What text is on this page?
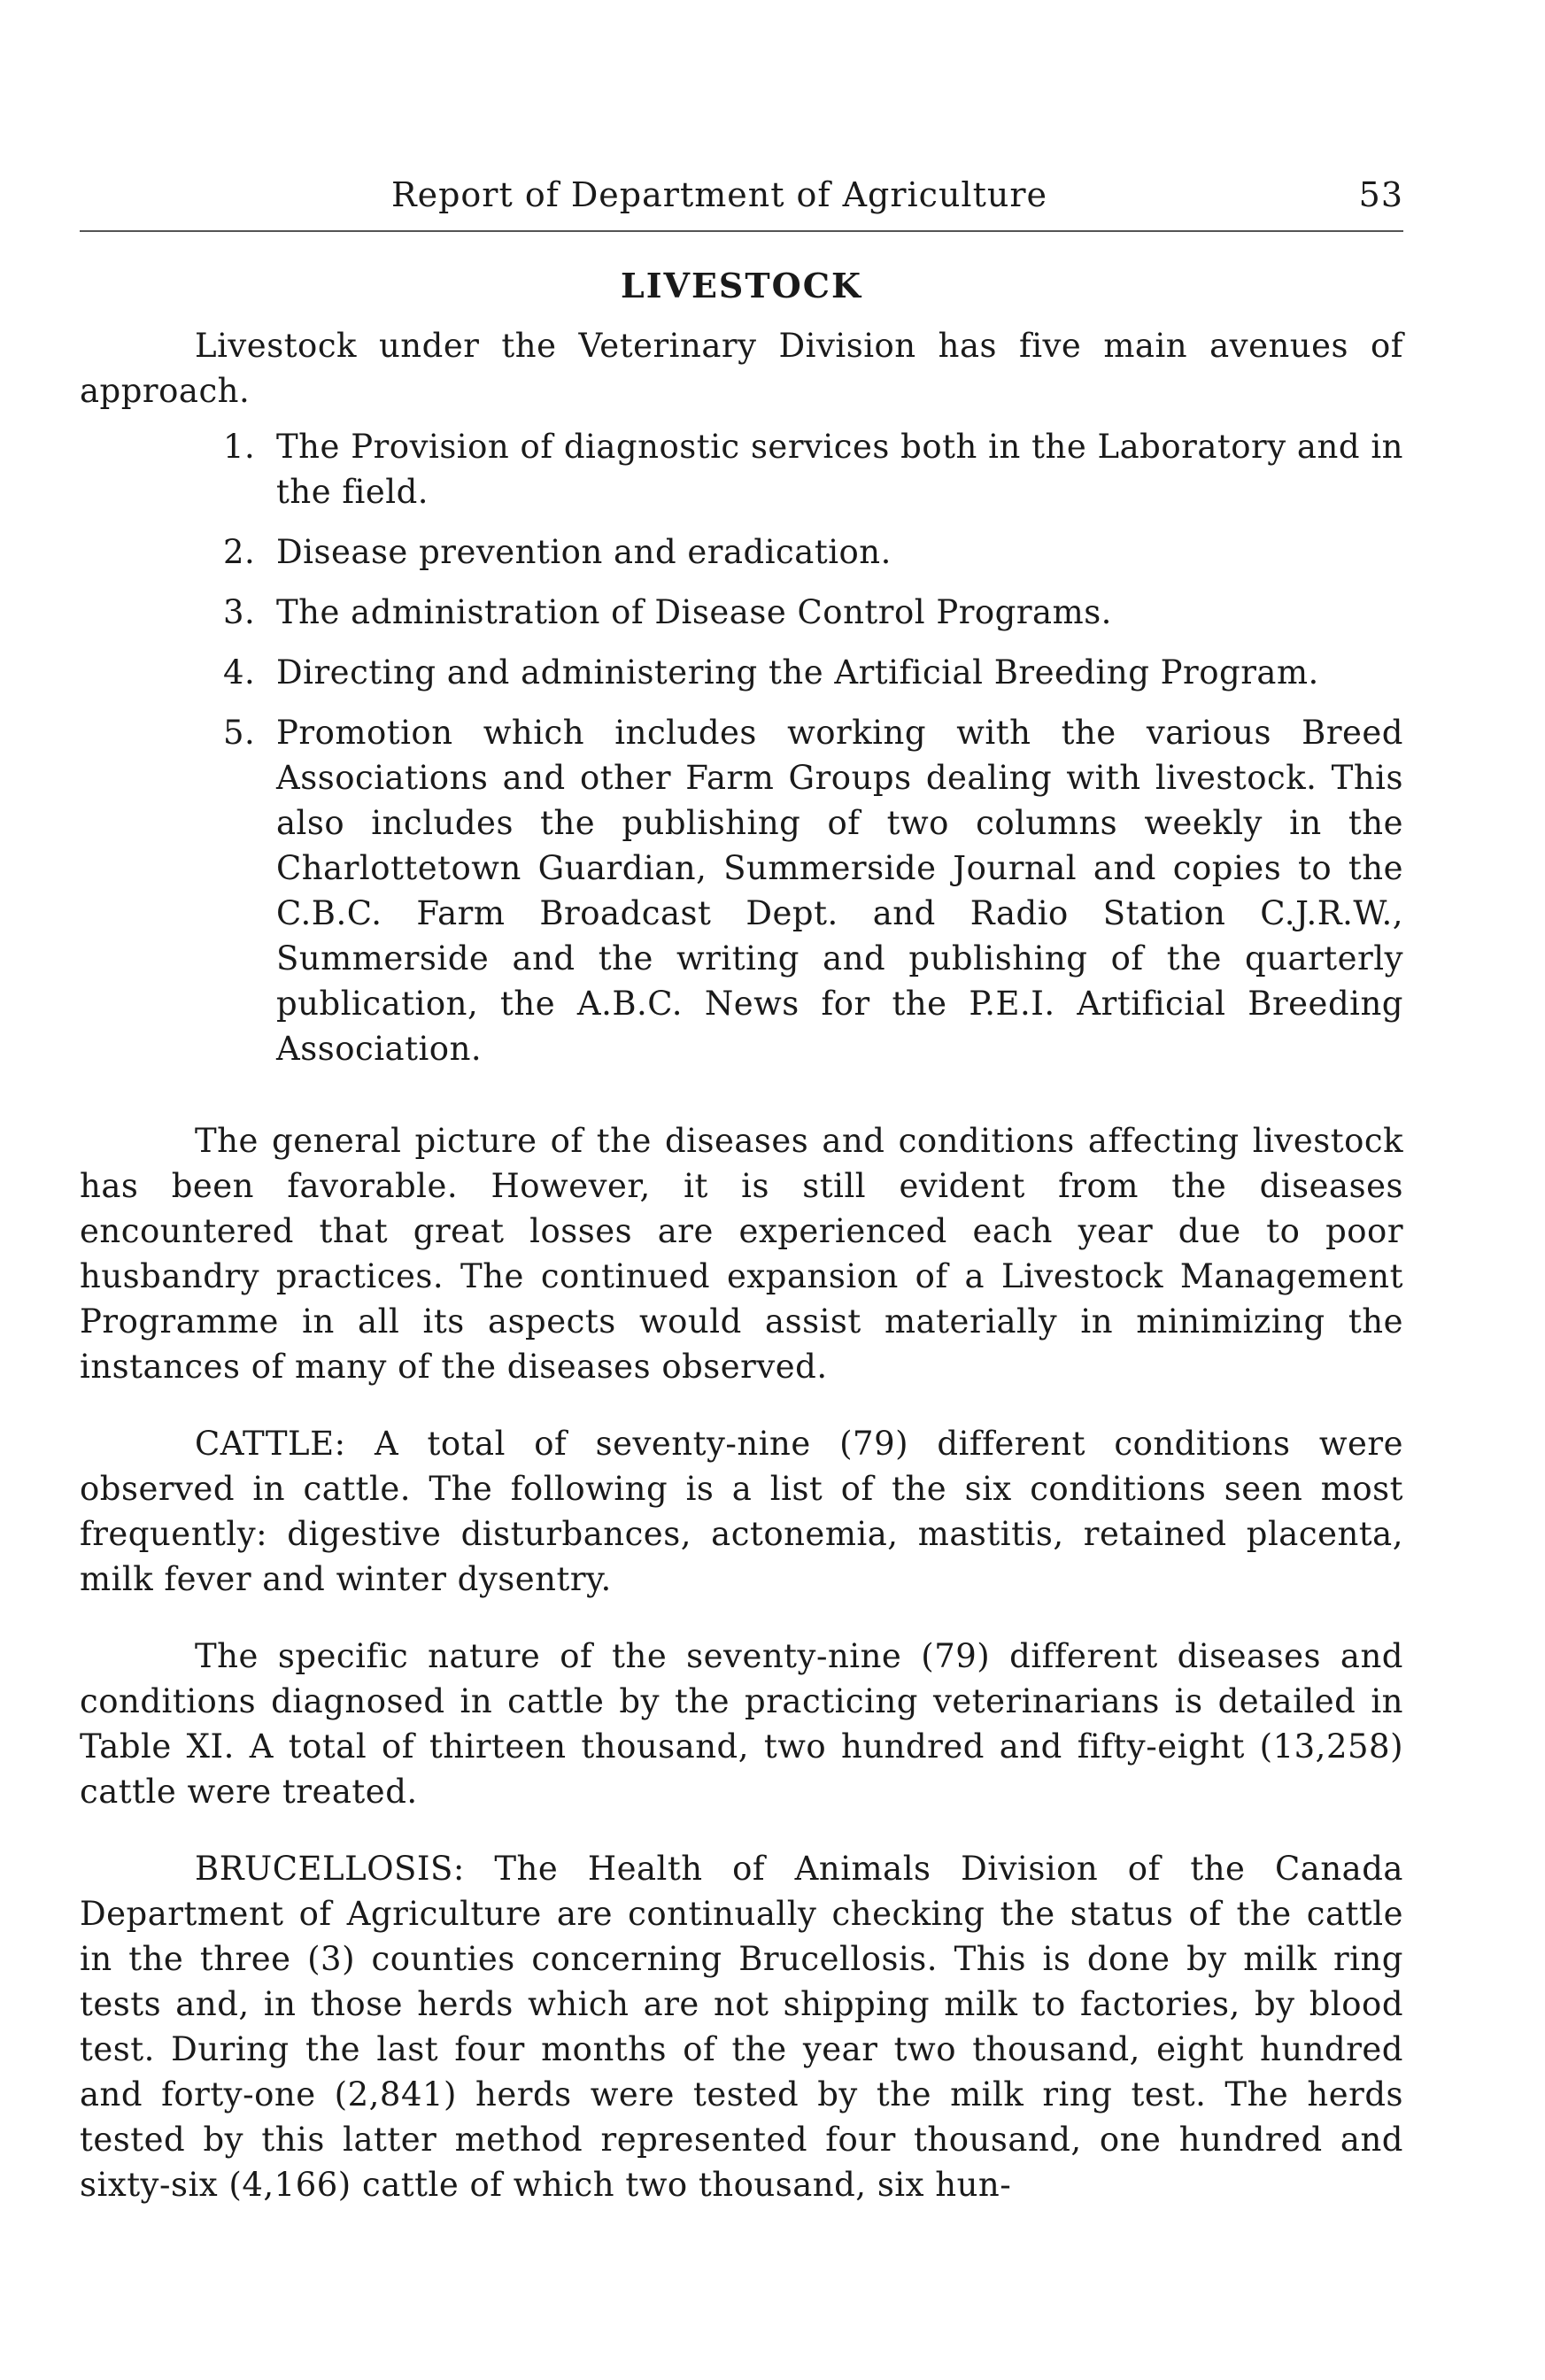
Report of Department of Agriculture	53
LIVESTOCK

Livestock under the Veterinary Division has five main avenues of approach.

1. The Provision of diagnostic services both in the Laboratory and in the field.
2. Disease prevention and eradication.
3. The administration of Disease Control Programs.
4. Directing and administering the Artificial Breeding Program.
5. Promotion which includes working with the various Breed Associations and other Farm Groups dealing with livestock. This also includes the publishing of two columns weekly in the Charlottetown Guardian, Summerside Journal and copies to the C.B.C. Farm Broadcast Dept. and Radio Station C.J.R.W., Summerside and the writing and publishing of the quarterly publication, the A.B.C. News for the P.E.I. Artificial Breeding Association.

The general picture of the diseases and conditions affecting livestock has been favorable. However, it is still evident from the diseases encountered that great losses are experienced each year due to poor husbandry practices. The continued expansion of a Livestock Management Programme in all its aspects would assist materially in minimizing the instances of many of the diseases observed.

CATTLE: A total of seventy-nine (79) different conditions were observed in cattle. The following is a list of the six conditions seen most frequently: digestive disturbances, actonemia, mastitis, retained placenta, milk fever and winter dysentry.

The specific nature of the seventy-nine (79) different diseases and conditions diagnosed in cattle by the practicing veterinarians is detailed in Table XI. A total of thirteen thousand, two hundred and fifty-eight (13,258) cattle were treated.

BRUCELLOSIS: The Health of Animals Division of the Canada Department of Agriculture are continually checking the status of the cattle in the three (3) counties concerning Brucellosis. This is done by milk ring tests and, in those herds which are not shipping milk to factories, by blood test. During the last four months of the year two thousand, eight hundred and forty-one (2,841) herds were tested by the milk ring test. The herds tested by this latter method represented four thousand, one hundred and sixty-six (4,166) cattle of which two thousand, six hun-
